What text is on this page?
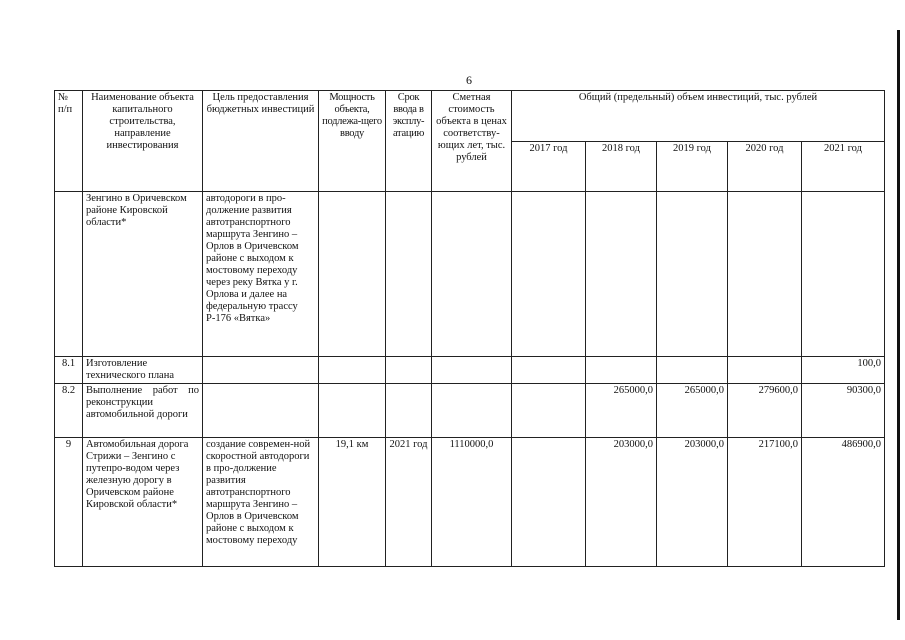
6
№ п/п	Наименование объекта капитального строительства, направление инвестирования	Цель предоставления бюджетных инвестиций	Мощность объекта, подлежа-щего вводу	Срок ввода в эксплу-атацию	Сметная стоимость объекта в ценах соответству-ющих лет, тыс. рублей	Общий (предельный) объем инвестиций, тыс. рублей				
						2017 год	2018 год	2019 год	2020 год	2021 год
	Зенгино в Оричевском районе Кировской области*	автодороги в про-должение развития автотранспортного маршрута Зенгино – Орлов в Оричевском районе с выходом к мостовому переходу через реку Вятка у г. Орлова и далее на федеральную трассу Р-176 «Вятка»								
8.1	Изготовление технического плана									100,0
8.2	Выполнение работ по реконструкции автомобильной дороги						265000,0	265000,0	279600,0	90300,0
9	Автомобильная дорога Стрижи – Зенгино с путепро-водом через железную дорогу в Оричевском районе Кировской области*	создание современ-ной скоростной автодороги в про-должение развития автотранспортного маршрута Зенгино – Орлов в Оричевском районе с выходом к мостовому переходу	19,1 км	2021 год	1110000,0		203000,0	203000,0	217100,0	486900,0
